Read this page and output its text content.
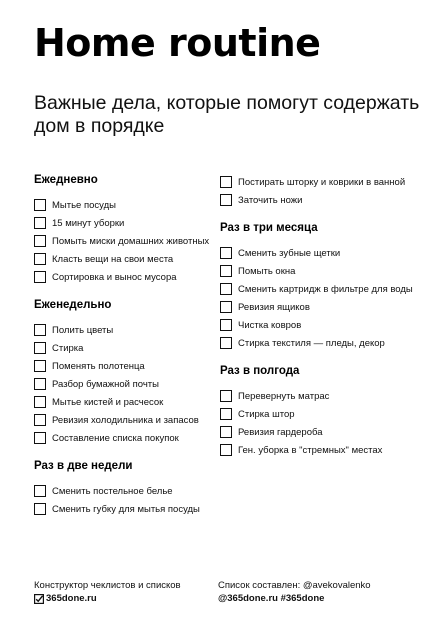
Home routine
Важные дела, которые помогут содержать дом в порядке
Ежедневно
Мытье посуды
15 минут уборки
Помыть миски домашних животных
Класть вещи на свои места
Сортировка и вынос мусора
Еженедельно
Полить цветы
Стирка
Поменять полотенца
Разбор бумажной почты
Мытье кистей и расчесок
Ревизия холодильника и запасов
Составление списка покупок
Раз в две недели
Сменить постельное белье
Сменить губку для мытья посуды
Постирать шторку и коврики в ванной
Заточить ножи
Раз в три месяца
Сменить зубные щетки
Помыть окна
Сменить картридж в фильтре для воды
Ревизия ящиков
Чистка ковров
Стирка текстиля — пледы, декор
Раз в полгода
Перевернуть матрас
Стирка штор
Ревизия гардероба
Ген. уборка в "стремных" местах
Конструктор чеклистов и списков
365done.ru
Список составлен: @avekovalenko
@365done.ru #365done
